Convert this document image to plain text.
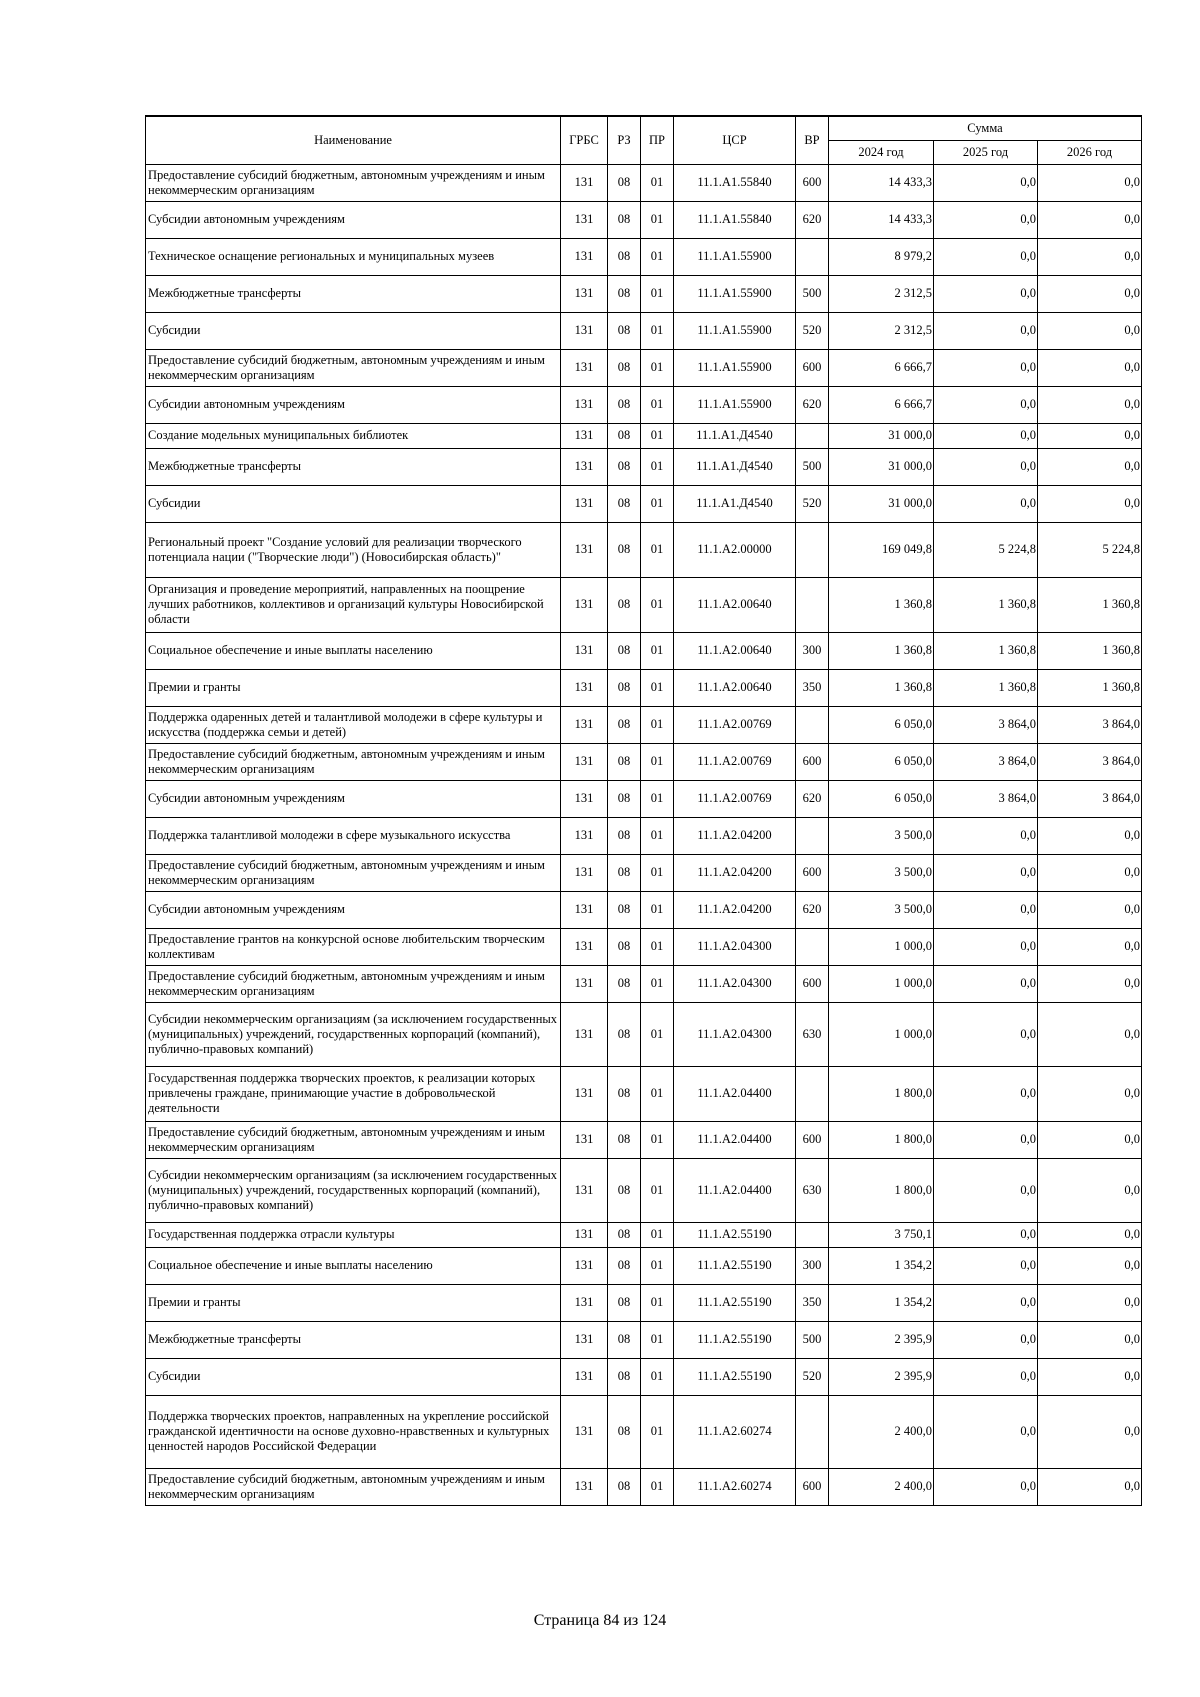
Наименование	ГРБС	РЗ	ПР	ЦСР	ВР	Сумма		
						2024 год	2025 год	2026 год
Предоставление субсидий бюджетным, автономным учреждениям и иным некоммерческим организациям	131	08	01	11.1.А1.55840	600	14 433,3	0,0	0,0
Субсидии автономным учреждениям	131	08	01	11.1.А1.55840	620	14 433,3	0,0	0,0
Техническое оснащение региональных и муниципальных музеев	131	08	01	11.1.А1.55900		8 979,2	0,0	0,0
Межбюджетные трансферты	131	08	01	11.1.А1.55900	500	2 312,5	0,0	0,0
Субсидии	131	08	01	11.1.А1.55900	520	2 312,5	0,0	0,0
Предоставление субсидий бюджетным, автономным учреждениям и иным некоммерческим организациям	131	08	01	11.1.А1.55900	600	6 666,7	0,0	0,0
Субсидии автономным учреждениям	131	08	01	11.1.А1.55900	620	6 666,7	0,0	0,0
Создание модельных муниципальных библиотек	131	08	01	11.1.А1.Д4540		31 000,0	0,0	0,0
Межбюджетные трансферты	131	08	01	11.1.А1.Д4540	500	31 000,0	0,0	0,0
Субсидии	131	08	01	11.1.А1.Д4540	520	31 000,0	0,0	0,0
Региональный проект "Создание условий для реализации творческого потенциала нации ("Творческие люди") (Новосибирская область)"	131	08	01	11.1.А2.00000		169 049,8	5 224,8	5 224,8
Организация и проведение мероприятий, направленных на поощрение лучших работников, коллективов и организаций культуры Новосибирской области	131	08	01	11.1.А2.00640		1 360,8	1 360,8	1 360,8
Социальное обеспечение и иные выплаты населению	131	08	01	11.1.А2.00640	300	1 360,8	1 360,8	1 360,8
Премии и гранты	131	08	01	11.1.А2.00640	350	1 360,8	1 360,8	1 360,8
Поддержка одаренных детей и талантливой молодежи в сфере культуры и искусства (поддержка семьи и детей)	131	08	01	11.1.А2.00769		6 050,0	3 864,0	3 864,0
Предоставление субсидий бюджетным, автономным учреждениям и иным некоммерческим организациям	131	08	01	11.1.А2.00769	600	6 050,0	3 864,0	3 864,0
Субсидии автономным учреждениям	131	08	01	11.1.А2.00769	620	6 050,0	3 864,0	3 864,0
Поддержка талантливой молодежи в сфере музыкального искусства	131	08	01	11.1.А2.04200		3 500,0	0,0	0,0
Предоставление субсидий бюджетным, автономным учреждениям и иным некоммерческим организациям	131	08	01	11.1.А2.04200	600	3 500,0	0,0	0,0
Субсидии автономным учреждениям	131	08	01	11.1.А2.04200	620	3 500,0	0,0	0,0
Предоставление грантов на конкурсной основе любительским творческим коллективам	131	08	01	11.1.А2.04300		1 000,0	0,0	0,0
Предоставление субсидий бюджетным, автономным учреждениям и иным некоммерческим организациям	131	08	01	11.1.А2.04300	600	1 000,0	0,0	0,0
Субсидии некоммерческим организациям (за исключением государственных (муниципальных) учреждений, государственных корпораций (компаний), публично-правовых компаний)	131	08	01	11.1.А2.04300	630	1 000,0	0,0	0,0
Государственная поддержка творческих проектов, к реализации которых привлечены граждане, принимающие участие в добровольческой деятельности	131	08	01	11.1.А2.04400		1 800,0	0,0	0,0
Предоставление субсидий бюджетным, автономным учреждениям и иным некоммерческим организациям	131	08	01	11.1.А2.04400	600	1 800,0	0,0	0,0
Субсидии некоммерческим организациям (за исключением государственных (муниципальных) учреждений, государственных корпораций (компаний), публично-правовых компаний)	131	08	01	11.1.А2.04400	630	1 800,0	0,0	0,0
Государственная поддержка отрасли культуры	131	08	01	11.1.А2.55190		3 750,1	0,0	0,0
Социальное обеспечение и иные выплаты населению	131	08	01	11.1.А2.55190	300	1 354,2	0,0	0,0
Премии и гранты	131	08	01	11.1.А2.55190	350	1 354,2	0,0	0,0
Межбюджетные трансферты	131	08	01	11.1.А2.55190	500	2 395,9	0,0	0,0
Субсидии	131	08	01	11.1.А2.55190	520	2 395,9	0,0	0,0
Поддержка творческих проектов, направленных на укрепление российской гражданской идентичности на основе духовно-нравственных и культурных ценностей народов Российской Федерации	131	08	01	11.1.А2.60274		2 400,0	0,0	0,0
Предоставление субсидий бюджетным, автономным учреждениям и иным некоммерческим организациям	131	08	01	11.1.А2.60274	600	2 400,0	0,0	0,0
Страница 84 из 124
